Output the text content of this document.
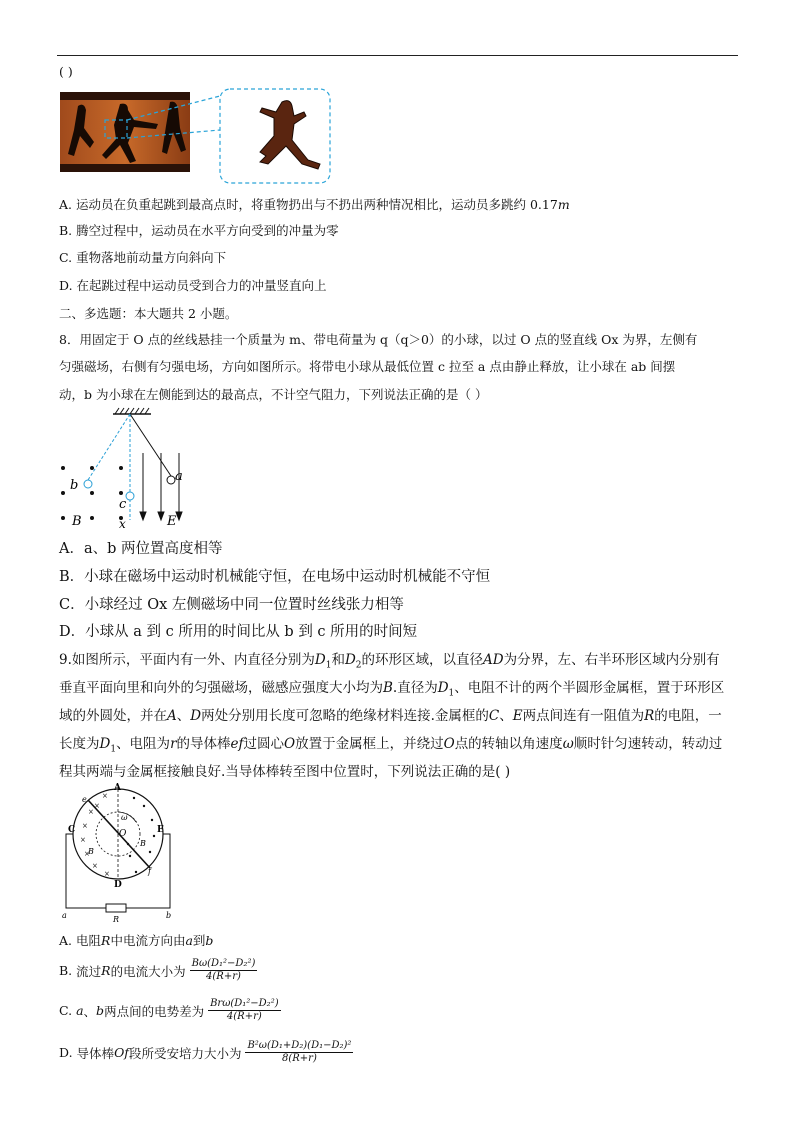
( )
A. 运动员在负重起跳到最高点时，将重物扔出与不扔出两种情况相比，运动员多跳约 0.17m
B. 腾空过程中，运动员在水平方向受到的冲量为零
C. 重物落地前动量方向斜向下
D. 在起跳过程中运动员受到合力的冲量竖直向上
二、多选题：本大题共 2 小题。
8．用固定于 O 点的丝线悬挂一个质量为 m、带电荷量为 q（q＞0）的小球，以过 O 点的竖直线 Ox 为界，左侧有
匀强磁场，右侧有匀强电场，方向如图所示。将带电小球从最低位置 c 拉至 a 点由静止释放，让小球在 ab 间摆
动，b 为小球在左侧能到达的最高点，不计空气阻力，下列说法正确的是（ ）
a
b
c
x
B	E
A．a、b 两位置高度相等
B．小球在磁场中运动时机械能守恒，在电场中运动时机械能不守恒
C．小球经过 Ox 左侧磁场中同一位置时丝线张力相等
D．小球从 a 到 c 所用的时间比从 b 到 c 所用的时间短
9.如图所示，平面内有一外、内直径分别为$D_1$和$D_2$的环形区域，以直径AD为分界，左、右半环形区域内分别有
垂直平面向里和向外的匀强磁场，磁感应强度大小均为B.直径为$D_1$、电阻不计的两个半圆形金属框，置于环形区
域的外圆处，并在A、D两处分别用长度可忽略的绝缘材料连接.金属框的C、E两点间连有一阻值为R的电阻，一
长度为$D_1$、电阻为r的导体棒ef过圆心O放置于金属框上，并绕过O点的转轴以角速度ω顺时针匀速转动，转动过
程其两端与金属框接触良好.当导体棒转至图中位置时，下列说法正确的是( )
×
×
×
×
×
×
×
×
A
C	E
D
O
e
f
ω
B
B
R
a	b
A. 电阻R中电流方向由a到b
B. 流过R的电流大小为 $\frac{\text{Bω(D₁²−D₂²)}}{4(R+r)}$
C. a、b两点间的电势差为 $\frac{\text{Brω(D₁²−D₂²)}}{4(R+r)}$
D. 导体棒Of段所受安培力大小为 $\frac{\text{B²ω(D₁+D₂)(D₁−D₂)²}}{8(R+r)}$
